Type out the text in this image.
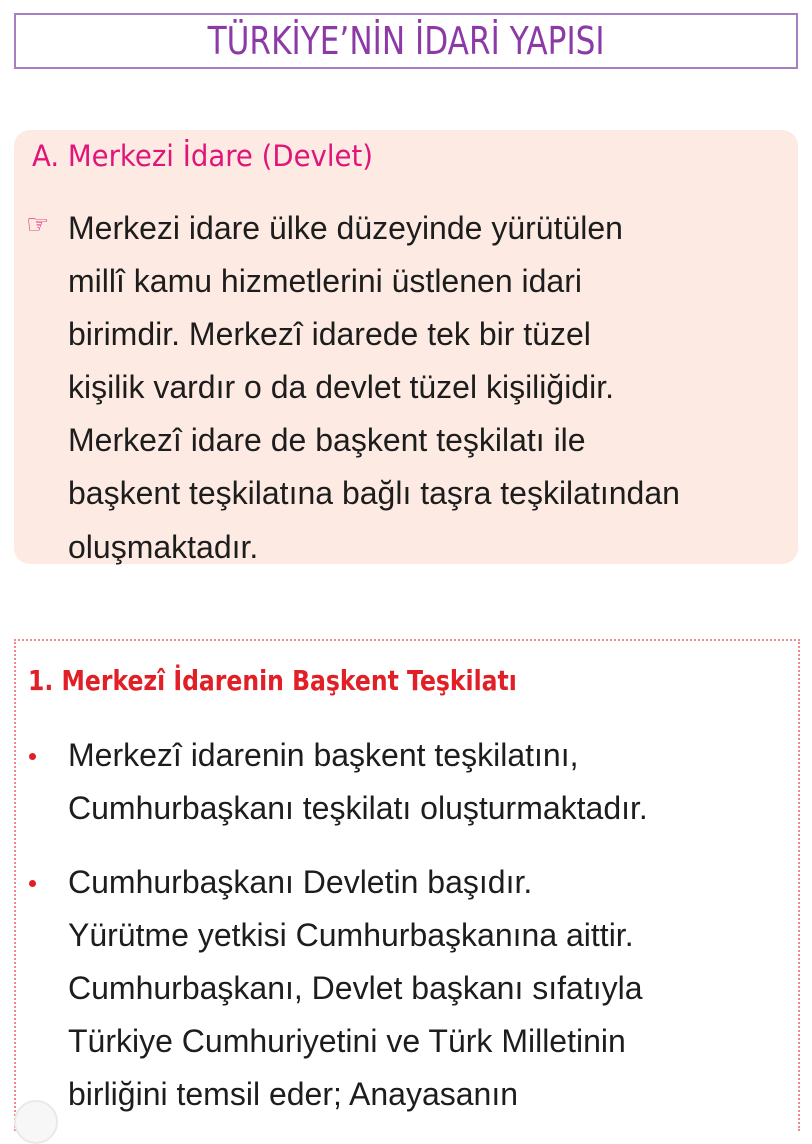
TÜRKİYE’NİN İDARİ YAPISI
A. Merkezi İdare (Devlet)
☞ Merkezi idare ülke düzeyinde yürütülen
millî kamu hizmetlerini üstlenen idari
birimdir. Merkezî idarede tek bir tüzel
kişilik vardır o da devlet tüzel kişiliğidir.
Merkezî idare de başkent teşkilatı ile
başkent teşkilatına bağlı taşra teşkilatından
oluşmaktadır.
1. Merkezî İdarenin Başkent Teşkilatı
Merkezî idarenin başkent teşkilatını,
Cumhurbaşkanı teşkilatı oluşturmaktadır.
Cumhurbaşkanı Devletin başıdır.
Yürütme yetkisi Cumhurbaşkanına aittir.
Cumhurbaşkanı, Devlet başkanı sıfatıyla
Türkiye Cumhuriyetini ve Türk Milletinin
birliğini temsil eder; Anayasanın
